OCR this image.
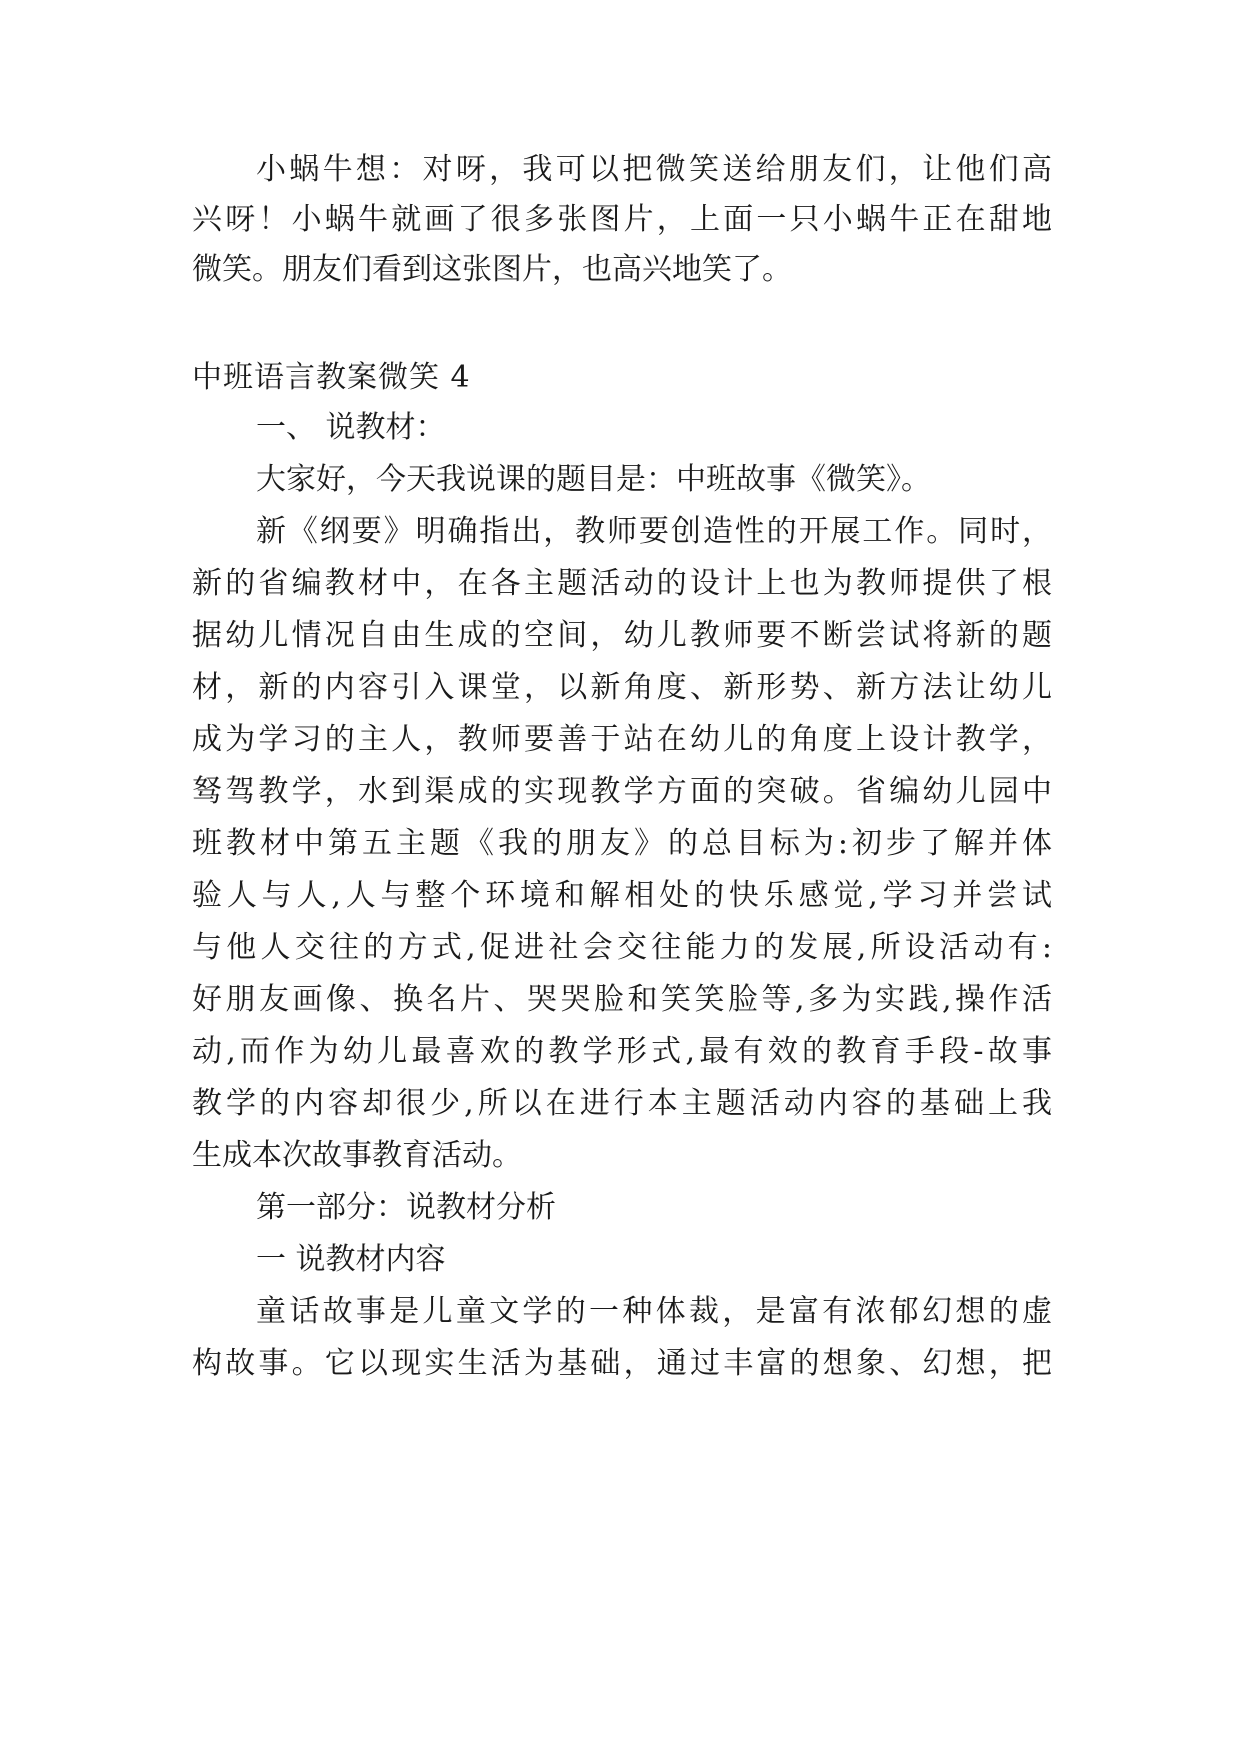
小蜗牛想：对呀，我可以把微笑送给朋友们，让他们高
兴呀！小蜗牛就画了很多张图片，上面一只小蜗牛正在甜地
微笑。朋友们看到这张图片，也高兴地笑了。
中班语言教案微笑 4
一、 说教材：
大家好，今天我说课的题目是：中班故事《微笑》。
新《纲要》明确指出，教师要创造性的开展工作。同时，
新的省编教材中，在各主题活动的设计上也为教师提供了根
据幼儿情况自由生成的空间，幼儿教师要不断尝试将新的题
材，新的内容引入课堂，以新角度、新形势、新方法让幼儿
成为学习的主人，教师要善于站在幼儿的角度上设计教学，
驽驾教学，水到渠成的实现教学方面的突破。省编幼儿园中
班教材中第五主题《我的朋友》的总目标为:初步了解并体
验人与人,人与整个环境和解相处的快乐感觉,学习并尝试
与他人交往的方式,促进社会交往能力的发展,所设活动有:
好朋友画像、换名片、哭哭脸和笑笑脸等,多为实践,操作活
动,而作为幼儿最喜欢的教学形式,最有效的教育手段-故事
教学的内容却很少,所以在进行本主题活动内容的基础上我
生成本次故事教育活动。
第一部分：说教材分析
一 说教材内容
童话故事是儿童文学的一种体裁，是富有浓郁幻想的虚
构故事。它以现实生活为基础，通过丰富的想象、幻想，把
